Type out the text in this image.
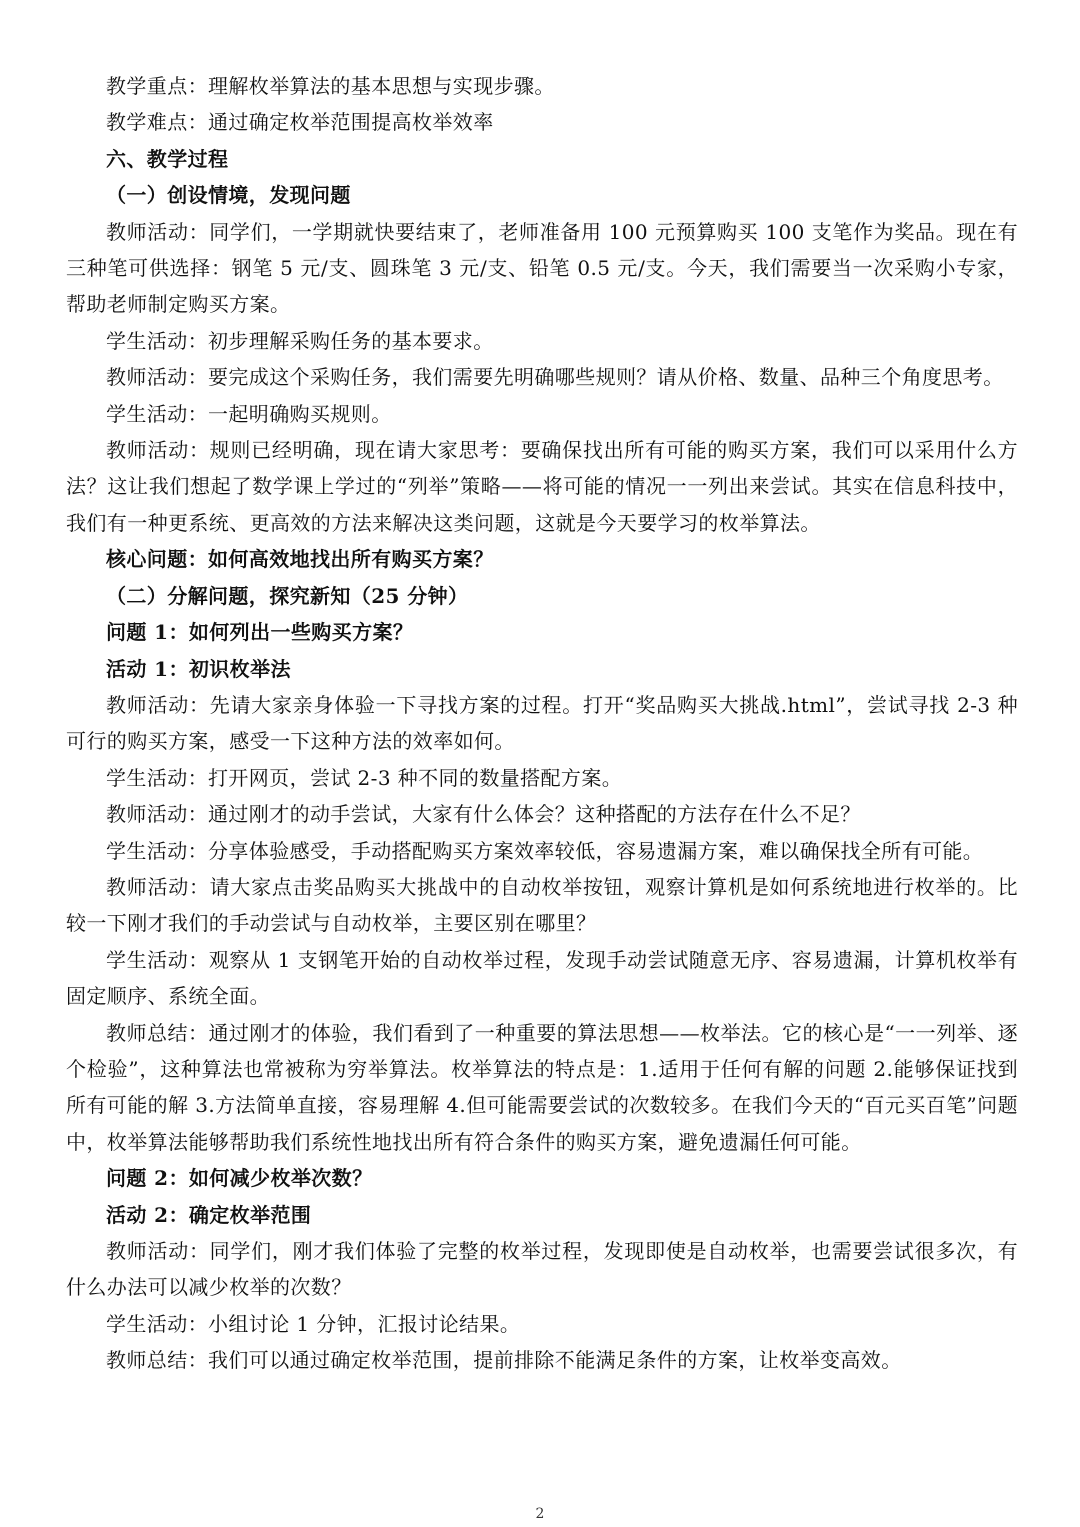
教学重点：理解枚举算法的基本思想与实现步骤。

教学难点：通过确定枚举范围提高枚举效率

六、教学过程

（一）创设情境，发现问题

教师活动：同学们，一学期就快要结束了，老师准备用 100 元预算购买 100 支笔作为奖品。现在有三种笔可供选择：钢笔 5 元/支、圆珠笔 3 元/支、铅笔 0.5 元/支。今天，我们需要当一次采购小专家，帮助老师制定购买方案。

学生活动：初步理解采购任务的基本要求。

教师活动：要完成这个采购任务，我们需要先明确哪些规则？请从价格、数量、品种三个角度思考。

学生活动：一起明确购买规则。

教师活动：规则已经明确，现在请大家思考：要确保找出所有可能的购买方案，我们可以采用什么方法？这让我们想起了数学课上学过的“列举”策略——将可能的情况一一列出来尝试。其实在信息科技中，我们有一种更系统、更高效的方法来解决这类问题，这就是今天要学习的枚举算法。

核心问题：如何高效地找出所有购买方案？

（二）分解问题，探究新知（25 分钟）

问题 1：如何列出一些购买方案？

活动 1：初识枚举法

教师活动：先请大家亲身体验一下寻找方案的过程。打开“奖品购买大挑战.html”，尝试寻找 2-3 种可行的购买方案，感受一下这种方法的效率如何。

学生活动：打开网页，尝试 2-3 种不同的数量搭配方案。

教师活动：通过刚才的动手尝试，大家有什么体会？这种搭配的方法存在什么不足？

学生活动：分享体验感受，手动搭配购买方案效率较低，容易遗漏方案，难以确保找全所有可能。

教师活动：请大家点击奖品购买大挑战中的自动枚举按钮，观察计算机是如何系统地进行枚举的。比较一下刚才我们的手动尝试与自动枚举，主要区别在哪里？

学生活动：观察从 1 支钢笔开始的自动枚举过程，发现手动尝试随意无序、容易遗漏，计算机枚举有固定顺序、系统全面。

教师总结：通过刚才的体验，我们看到了一种重要的算法思想——枚举法。它的核心是“一一列举、逐个检验”，这种算法也常被称为穷举算法。枚举算法的特点是：1.适用于任何有解的问题 2.能够保证找到所有可能的解 3.方法简单直接，容易理解 4.但可能需要尝试的次数较多。在我们今天的“百元买百笔”问题中，枚举算法能够帮助我们系统性地找出所有符合条件的购买方案，避免遗漏任何可能。

问题 2：如何减少枚举次数？

活动 2：确定枚举范围

教师活动：同学们，刚才我们体验了完整的枚举过程，发现即使是自动枚举，也需要尝试很多次，有什么办法可以减少枚举的次数？

学生活动：小组讨论 1 分钟，汇报讨论结果。

教师总结：我们可以通过确定枚举范围，提前排除不能满足条件的方案，让枚举变高效。

2
